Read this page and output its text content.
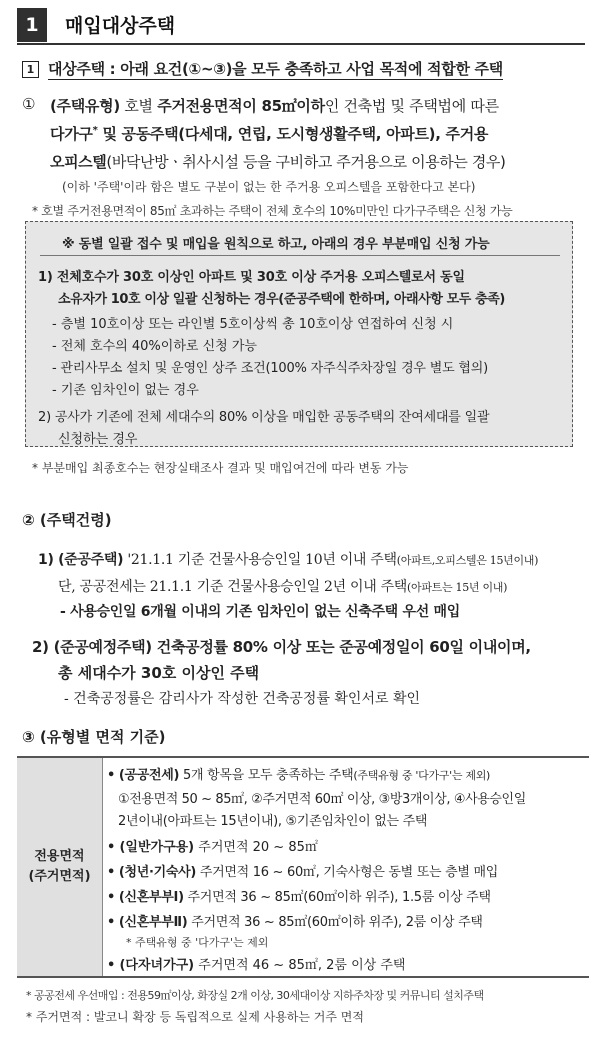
1	매입대상주택
1 대상주택 : 아래 요건(①~③)을 모두 충족하고 사업 목적에 적합한 주택
① (주택유형) 호별 주거전용면적이 85㎡이하인 건축법 및 주택법에 따른
다가구* 및 공동주택(다세대, 연립, 도시형생활주택, 아파트), 주거용
오피스텔(바닥난방ㆍ취사시설 등을 구비하고 주거용으로 이용하는 경우)
(이하 '주택'이라 함은 별도 구분이 없는 한 주거용 오피스텔을 포함한다고 본다)
* 호별 주거전용면적이 85㎡ 초과하는 주택이 전체 호수의 10%미만인 다가구주택은 신청 가능
※ 동별 일괄 접수 및 매입을 원칙으로 하고, 아래의 경우 부분매입 신청 가능
1) 전체호수가 30호 이상인 아파트 및 30호 이상 주거용 오피스텔로서 동일
소유자가 10호 이상 일괄 신청하는 경우(준공주택에 한하며, 아래사항 모두 충족)
- 층별 10호이상 또는 라인별 5호이상씩 총 10호이상 연접하여 신청 시
- 전체 호수의 40%이하로 신청 가능
- 관리사무소 설치 및 운영인 상주 조건(100% 자주식주차장일 경우 별도 협의)
- 기존 임차인이 없는 경우
2) 공사가 기존에 전체 세대수의 80% 이상을 매입한 공동주택의 잔여세대를 일괄
신청하는 경우
* 부분매입 최종호수는 현장실태조사 결과 및 매입여건에 따라 변동 가능
② (주택건령)
1) (준공주택) '21.1.1 기준 건물사용승인일 10년 이내 주택(아파트,오피스텔은 15년이내)
단, 공공전세는 21.1.1 기준 건물사용승인일 2년 이내 주택(아파트는 15년 이내)
- 사용승인일 6개월 이내의 기존 임차인이 없는 신축주택 우선 매입
2) (준공예정주택) 건축공정률 80% 이상 또는 준공예정일이 60일 이내이며,
총 세대수가 30호 이상인 주택
- 건축공정률은 감리사가 작성한 건축공정률 확인서로 확인
③ (유형별 면적 기준)
전용면적
(주거면적)
• (공공전세) 5개 항목을 모두 충족하는 주택(주택유형 중 '다가구'는 제외)
①전용면적 50 ~ 85㎡, ②주거면적 60㎡ 이상, ③방3개이상, ④사용승인일
2년이내(아파트는 15년이내), ⑤기존임차인이 없는 주택
• (일반가구용) 주거면적 20 ~ 85㎡
• (청년·기숙사) 주거면적 16 ~ 60㎡, 기숙사형은 동별 또는 층별 매입
• (신혼부부Ⅰ) 주거면적 36 ~ 85㎡(60㎡이하 위주), 1.5룸 이상 주택
• (신혼부부Ⅱ) 주거면적 36 ~ 85㎡(60㎡이하 위주), 2룸 이상 주택
* 주택유형 중 '다가구'는 제외
• (다자녀가구) 주거면적 46 ~ 85㎡, 2룸 이상 주택
* 공공전세 우선매입 : 전용59㎡이상, 화장실 2개 이상, 30세대이상 지하주차장 및 커뮤니티 설치주택
* 주거면적 : 발코니 확장 등 독립적으로 실제 사용하는 거주 면적
